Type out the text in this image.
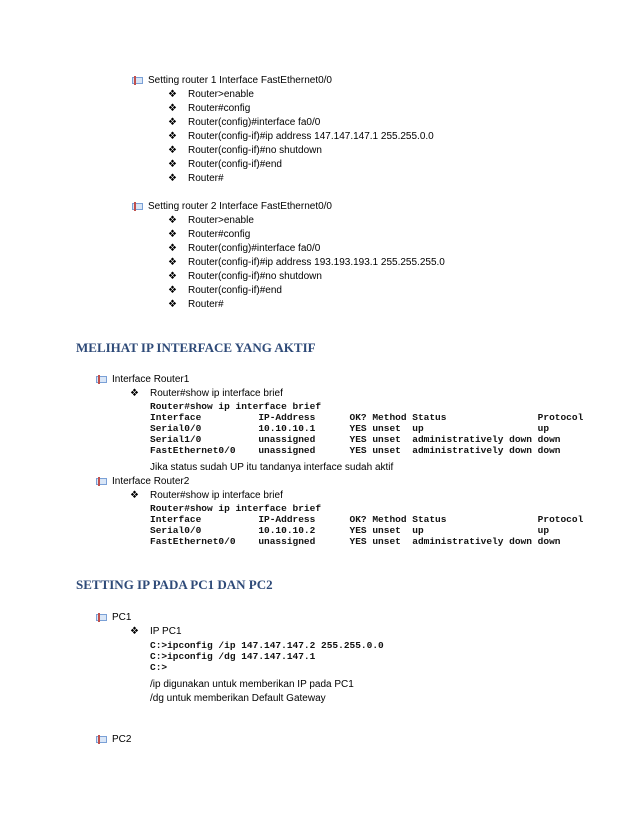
Setting router 1 Interface FastEthernet0/0
❖ Router>enable
❖ Router#config
❖ Router(config)#interface fa0/0
❖ Router(config-if)#ip address 147.147.147.1 255.255.0.0
❖ Router(config-if)#no shutdown
❖ Router(config-if)#end
❖ Router#
Setting router 2 Interface FastEthernet0/0
❖ Router>enable
❖ Router#config
❖ Router(config)#interface fa0/0
❖ Router(config-if)#ip address 193.193.193.1 255.255.255.0
❖ Router(config-if)#no shutdown
❖ Router(config-if)#end
❖ Router#
MELIHAT IP INTERFACE YANG AKTIF
Interface Router1
❖ Router#show ip interface brief
Router#show ip interface brief
Interface          IP-Address      OK? Method Status                Protocol
Serial0/0          10.10.10.1      YES unset  up                    up
Serial1/0          unassigned      YES unset  administratively down down
FastEthernet0/0    unassigned      YES unset  administratively down down
Jika status sudah UP itu tandanya interface sudah aktif
Interface Router2
❖ Router#show ip interface brief
Router#show ip interface brief
Interface          IP-Address      OK? Method Status                Protocol
Serial0/0          10.10.10.2      YES unset  up                    up
FastEthernet0/0    unassigned      YES unset  administratively down down
SETTING IP PADA PC1 DAN PC2
PC1
❖ IP PC1
C:>ipconfig /ip 147.147.147.2 255.255.0.0
C:>ipconfig /dg 147.147.147.1
C:>
/ip digunakan untuk memberikan IP pada PC1
/dg untuk memberikan Default Gateway
PC2
